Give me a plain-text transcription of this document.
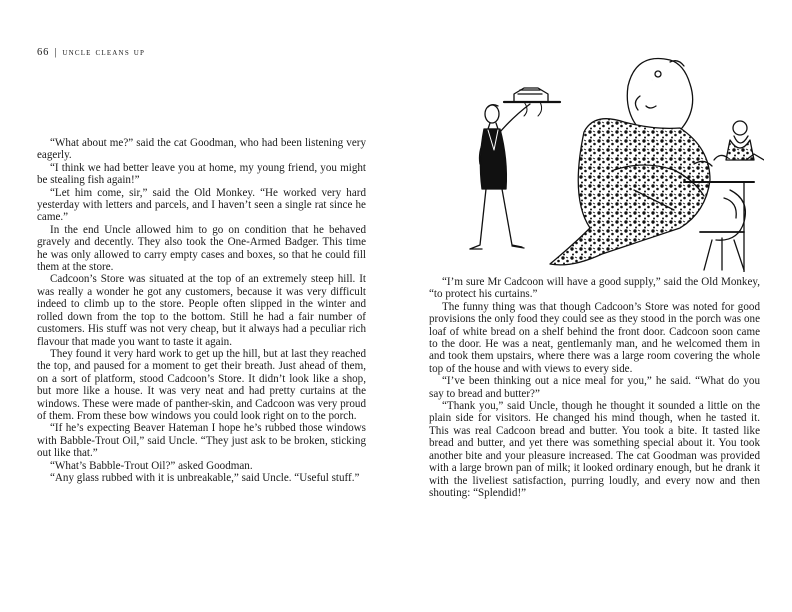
66 | uncle cleans up

“What about me?” said the cat Goodman, who had been listening very eagerly.

“I think we had better leave you at home, my young friend, you might be stealing fish again!”

“Let him come, sir,” said the Old Monkey. “He worked very hard yesterday with letters and parcels, and I haven’t seen a single rat since he came.”

In the end Uncle allowed him to go on condition that he behaved gravely and decently. They also took the One-Armed Badger. This time he was only allowed to carry empty cases and boxes, so that he could fill them at the store.

Cadcoon’s Store was situated at the top of an extremely steep hill. It was really a wonder he got any customers, because it was very difficult indeed to climb up to the store. People often slipped in the winter and rolled down from the top to the bottom. Still he had a fair number of customers. His stuff was not very cheap, but it always had a peculiar rich flavour that made you want to taste it again.

They found it very hard work to get up the hill, but at last they reached the top, and paused for a moment to get their breath. Just ahead of them, on a sort of platform, stood Cadcoon’s Store. It didn’t look like a shop, but more like a house. It was very neat and had pretty curtains at the windows. These were made of panther-skin, and Cadcoon was very proud of them. From these bow windows you could look right on to the porch.

“If he’s expecting Beaver Hateman I hope he’s rubbed those windows with Babble-Trout Oil,” said Uncle. “They just ask to be broken, sticking out like that.”

“What’s Babble-Trout Oil?” asked Goodman.

“Any glass rubbed with it is unbreakable,” said Uncle. “Useful stuff.”

“I’m sure Mr Cadcoon will have a good supply,” said the Old Monkey, “to protect his curtains.”

The funny thing was that though Cadcoon’s Store was noted for good provisions the only food they could see as they stood in the porch was one loaf of white bread on a shelf behind the front door. Cadcoon soon came to the door. He was a neat, gentlemanly man, and he welcomed them in and took them upstairs, where there was a large room covering the whole top of the house and with views to every side.

“I’ve been thinking out a nice meal for you,” he said. “What do you say to bread and butter?”

“Thank you,” said Uncle, though he thought it sounded a little on the plain side for visitors. He changed his mind though, when he tasted it. This was real Cadcoon bread and butter. You took a bite. It tasted like bread and butter, and yet there was something special about it. You took another bite and your pleasure increased. The cat Goodman was provided with a large brown pan of milk; it looked ordinary enough, but he drank it with the liveliest satisfaction, purring loudly, and every now and then shouting: “Splendid!”
